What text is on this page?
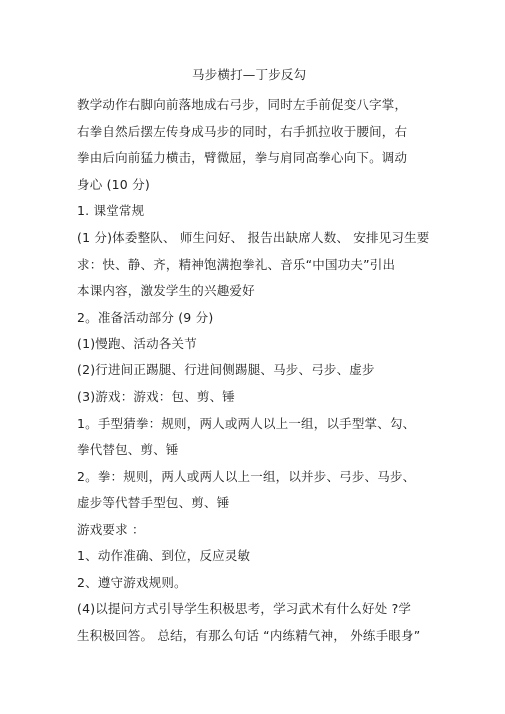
马步横打—丁步反勾
教学动作右脚向前落地成右弓步，同时左手前促变八字掌，
右拳自然后摆左传身成马步的同时，右手抓拉收于腰间，右
拳由后向前猛力横击，臂微屈，拳与肩同高拳心向下。调动
身心 (10 分)
1. 课堂常规
(1 分)体委整队、 师生问好、 报告出缺席人数、 安排见习生要
求：快、静、齐，精神饱满抱拳礼、音乐“中国功夫”引出
本课内容，激发学生的兴趣爱好
2。准备活动部分 (9 分)
(1)慢跑、活动各关节
(2)行进间正踢腿、行进间侧踢腿、马步、弓步、虚步
(3)游戏：游戏：包、剪、锤
1。手型猜拳：规则，两人或两人以上一组，以手型掌、勾、
拳代替包、剪、锤
2。拳：规则，两人或两人以上一组，以并步、弓步、马步、
虚步等代替手型包、剪、锤
游戏要求 ：
1、动作准确、到位，反应灵敏
2、遵守游戏规则。
(4)以提问方式引导学生积极思考，学习武术有什么好处 ?学
生积极回答。 总结，有那么句话 “内练精气神， 外练手眼身”
